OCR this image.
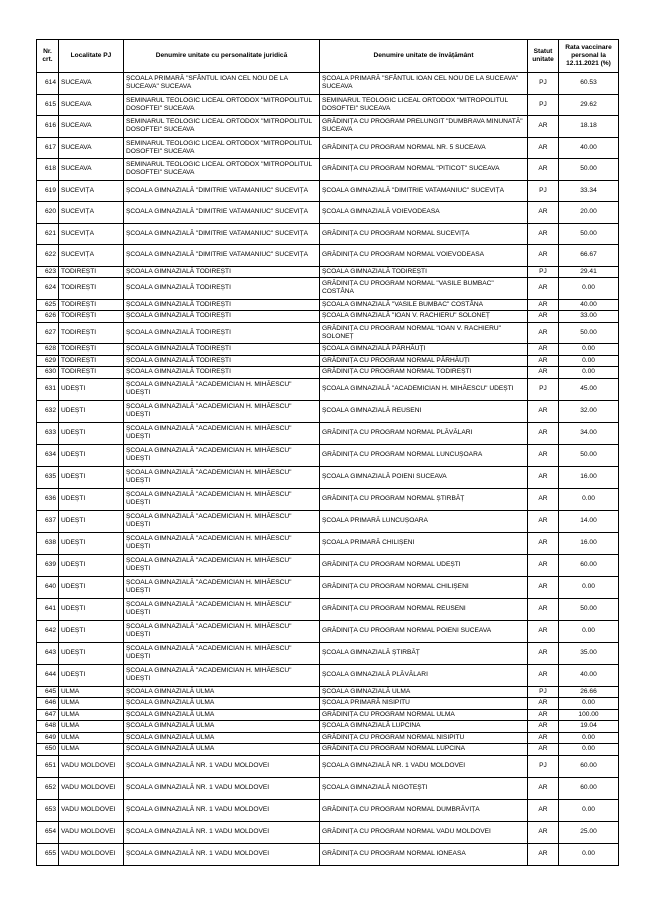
Nr. crt.	Localitate PJ	Denumire unitate cu personalitate juridică	Denumire unitate de învățământ	Statut unitate	Rata vaccinare personal la 12.11.2021 (%)
614	SUCEAVA	ȘCOALA PRIMARĂ "SFÂNTUL IOAN CEL NOU DE LA SUCEAVA" SUCEAVA	ȘCOALA PRIMARĂ "SFÂNTUL IOAN CEL NOU DE LA SUCEAVA" SUCEAVA	PJ	60.53
615	SUCEAVA	SEMINARUL TEOLOGIC LICEAL ORTODOX "MITROPOLITUL DOSOFTEI" SUCEAVA	SEMINARUL TEOLOGIC LICEAL ORTODOX "MITROPOLITUL DOSOFTEI" SUCEAVA	PJ	29.62
616	SUCEAVA	SEMINARUL TEOLOGIC LICEAL ORTODOX "MITROPOLITUL DOSOFTEI" SUCEAVA	GRĂDINIȚA CU PROGRAM PRELUNGIT "DUMBRAVA MINUNATĂ" SUCEAVA	AR	18.18
617	SUCEAVA	SEMINARUL TEOLOGIC LICEAL ORTODOX "MITROPOLITUL DOSOFTEI" SUCEAVA	GRĂDINIȚA CU PROGRAM NORMAL NR. 5 SUCEAVA	AR	40.00
618	SUCEAVA	SEMINARUL TEOLOGIC LICEAL ORTODOX "MITROPOLITUL DOSOFTEI" SUCEAVA	GRĂDINIȚA CU PROGRAM NORMAL "PITICOT" SUCEAVA	AR	50.00
619	SUCEVIȚA	ȘCOALA GIMNAZIALĂ "DIMITRIE VATAMANIUC" SUCEVIȚA	ȘCOALA GIMNAZIALĂ "DIMITRIE VATAMANIUC" SUCEVIȚA	PJ	33.34
620	SUCEVIȚA	ȘCOALA GIMNAZIALĂ "DIMITRIE VATAMANIUC" SUCEVIȚA	ȘCOALA GIMNAZIALĂ VOIEVODEASA	AR	20.00
621	SUCEVIȚA	ȘCOALA GIMNAZIALĂ "DIMITRIE VATAMANIUC" SUCEVIȚA	GRĂDINIȚA CU PROGRAM NORMAL SUCEVIȚA	AR	50.00
622	SUCEVIȚA	ȘCOALA GIMNAZIALĂ "DIMITRIE VATAMANIUC" SUCEVIȚA	GRĂDINIȚA CU PROGRAM NORMAL VOIEVODEASA	AR	66.67
623	TODIREȘTI	ȘCOALA GIMNAZIALĂ TODIREȘTI	ȘCOALA GIMNAZIALĂ TODIREȘTI	PJ	29.41
624	TODIREȘTI	ȘCOALA GIMNAZIALĂ TODIREȘTI	GRĂDINIȚA CU PROGRAM NORMAL "VASILE BUMBAC" COSTÂNA	AR	0.00
625	TODIREȘTI	ȘCOALA GIMNAZIALĂ TODIREȘTI	ȘCOALA GIMNAZIALĂ "VASILE BUMBAC" COSTÂNA	AR	40.00
626	TODIREȘTI	ȘCOALA GIMNAZIALĂ TODIREȘTI	ȘCOALA GIMNAZIALĂ "IOAN V. RACHIERU" SOLONEȚ	AR	33.00
627	TODIREȘTI	ȘCOALA GIMNAZIALĂ TODIREȘTI	GRĂDINIȚA CU PROGRAM NORMAL "IOAN V. RACHIERU" SOLONEȚ	AR	50.00
628	TODIREȘTI	ȘCOALA GIMNAZIALĂ TODIREȘTI	ȘCOALA GIMNAZIALĂ PĂRHĂUȚI	AR	0.00
629	TODIREȘTI	ȘCOALA GIMNAZIALĂ TODIREȘTI	GRĂDINIȚA CU PROGRAM NORMAL PĂRHĂUȚI	AR	0.00
630	TODIREȘTI	ȘCOALA GIMNAZIALĂ TODIREȘTI	GRĂDINIȚA CU PROGRAM NORMAL TODIREȘTI	AR	0.00
631	UDEȘTI	ȘCOALA GIMNAZIALĂ "ACADEMICIAN H. MIHĂESCU" UDEȘTI	ȘCOALA GIMNAZIALĂ "ACADEMICIAN H. MIHĂESCU" UDEȘTI	PJ	45.00
632	UDEȘTI	ȘCOALA GIMNAZIALĂ "ACADEMICIAN H. MIHĂESCU" UDEȘTI	ȘCOALA GIMNAZIALĂ REUSENI	AR	32.00
633	UDEȘTI	ȘCOALA GIMNAZIALĂ "ACADEMICIAN H. MIHĂESCU" UDEȘTI	GRĂDINIȚA CU PROGRAM NORMAL PLĂVĂLARI	AR	34.00
634	UDEȘTI	ȘCOALA GIMNAZIALĂ "ACADEMICIAN H. MIHĂESCU" UDEȘTI	GRĂDINIȚA CU PROGRAM NORMAL LUNCUȘOARA	AR	50.00
635	UDEȘTI	ȘCOALA GIMNAZIALĂ "ACADEMICIAN H. MIHĂESCU" UDEȘTI	ȘCOALA GIMNAZIALĂ POIENI SUCEAVA	AR	16.00
636	UDEȘTI	ȘCOALA GIMNAZIALĂ "ACADEMICIAN H. MIHĂESCU" UDEȘTI	GRĂDINIȚA CU PROGRAM NORMAL ȘTIRBĂȚ	AR	0.00
637	UDEȘTI	ȘCOALA GIMNAZIALĂ "ACADEMICIAN H. MIHĂESCU" UDEȘTI	ȘCOALA PRIMARĂ LUNCUȘOARA	AR	14.00
638	UDEȘTI	ȘCOALA GIMNAZIALĂ "ACADEMICIAN H. MIHĂESCU" UDEȘTI	ȘCOALA PRIMARĂ CHILIȘENI	AR	16.00
639	UDEȘTI	ȘCOALA GIMNAZIALĂ "ACADEMICIAN H. MIHĂESCU" UDEȘTI	GRĂDINIȚA CU PROGRAM NORMAL UDEȘTI	AR	60.00
640	UDEȘTI	ȘCOALA GIMNAZIALĂ "ACADEMICIAN H. MIHĂESCU" UDEȘTI	GRĂDINIȚA CU PROGRAM NORMAL CHILIȘENI	AR	0.00
641	UDEȘTI	ȘCOALA GIMNAZIALĂ "ACADEMICIAN H. MIHĂESCU" UDEȘTI	GRĂDINIȚA CU PROGRAM NORMAL REUSENI	AR	50.00
642	UDEȘTI	ȘCOALA GIMNAZIALĂ "ACADEMICIAN H. MIHĂESCU" UDEȘTI	GRĂDINIȚA CU PROGRAM NORMAL POIENI SUCEAVA	AR	0.00
643	UDEȘTI	ȘCOALA GIMNAZIALĂ "ACADEMICIAN H. MIHĂESCU" UDEȘTI	ȘCOALA GIMNAZIALĂ ȘTIRBĂȚ	AR	35.00
644	UDEȘTI	ȘCOALA GIMNAZIALĂ "ACADEMICIAN H. MIHĂESCU" UDEȘTI	ȘCOALA GIMNAZIALĂ PLĂVĂLARI	AR	40.00
645	ULMA	ȘCOALA GIMNAZIALĂ ULMA	ȘCOALA GIMNAZIALĂ ULMA	PJ	26.66
646	ULMA	ȘCOALA GIMNAZIALĂ ULMA	ȘCOALA PRIMARĂ NISIPITU	AR	0.00
647	ULMA	ȘCOALA GIMNAZIALĂ ULMA	GRĂDINIȚA CU PROGRAM NORMAL ULMA	AR	100.00
648	ULMA	ȘCOALA GIMNAZIALĂ ULMA	ȘCOALA GIMNAZIALĂ LUPCINA	AR	19.04
649	ULMA	ȘCOALA GIMNAZIALĂ ULMA	GRĂDINIȚA CU PROGRAM NORMAL NISIPITU	AR	0.00
650	ULMA	ȘCOALA GIMNAZIALĂ ULMA	GRĂDINIȚA CU PROGRAM NORMAL LUPCINA	AR	0.00
651	VADU MOLDOVEI	ȘCOALA GIMNAZIALĂ NR. 1 VADU MOLDOVEI	ȘCOALA GIMNAZIALĂ NR. 1 VADU MOLDOVEI	PJ	60.00
652	VADU MOLDOVEI	ȘCOALA GIMNAZIALĂ NR. 1 VADU MOLDOVEI	ȘCOALA GIMNAZIALĂ NIGOTEȘTI	AR	60.00
653	VADU MOLDOVEI	ȘCOALA GIMNAZIALĂ NR. 1 VADU MOLDOVEI	GRĂDINIȚA CU PROGRAM NORMAL DUMBRĂVIȚA	AR	0.00
654	VADU MOLDOVEI	ȘCOALA GIMNAZIALĂ NR. 1 VADU MOLDOVEI	GRĂDINIȚA CU PROGRAM NORMAL VADU MOLDOVEI	AR	25.00
655	VADU MOLDOVEI	ȘCOALA GIMNAZIALĂ NR. 1 VADU MOLDOVEI	GRĂDINIȚA CU PROGRAM NORMAL IONEASA	AR	0.00
